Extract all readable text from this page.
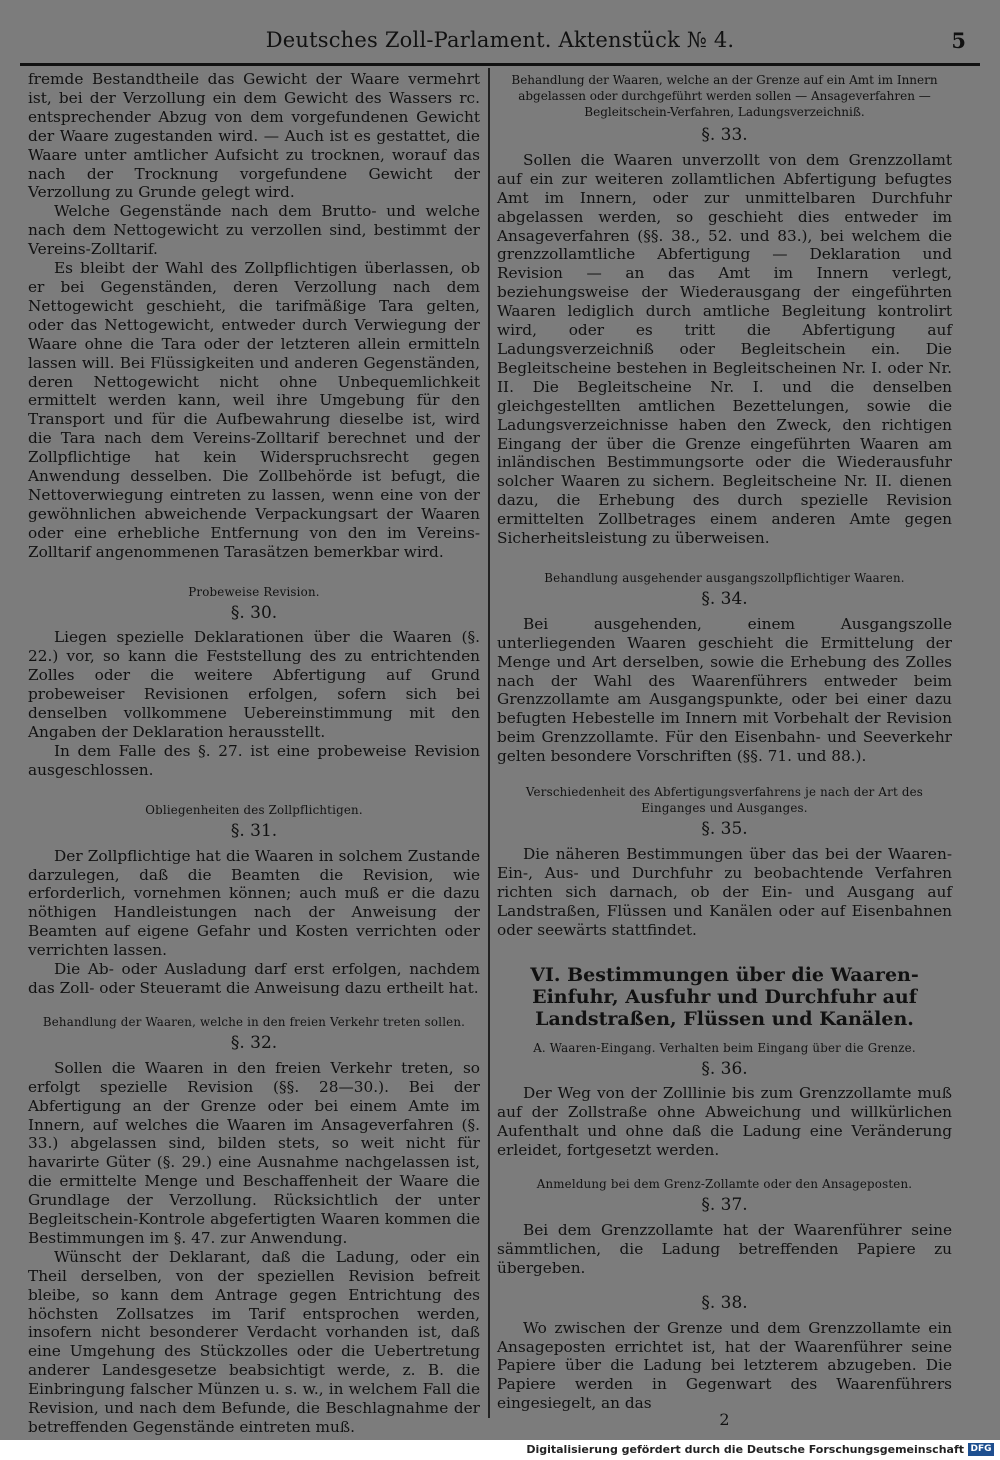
Deutsches Zoll-Parlament. Aktenstück № 4.	5

fremde Bestandtheile das Gewicht der Waare vermehrt ist, bei der Verzollung ein dem Gewicht des Wassers rc. entsprechender Abzug von dem vorgefundenen Gewicht der Waare zugestanden wird. — Auch ist es gestattet, die Waare unter amtlicher Aufsicht zu trocknen, worauf das nach der Trocknung vorgefundene Gewicht der Verzollung zu Grunde gelegt wird.

Welche Gegenstände nach dem Brutto- und welche nach dem Nettogewicht zu verzollen sind, bestimmt der Vereins-Zolltarif.

Es bleibt der Wahl des Zollpflichtigen überlassen, ob er bei Gegenständen, deren Verzollung nach dem Nettogewicht geschieht, die tarifmäßige Tara gelten, oder das Nettogewicht, entweder durch Verwiegung der Waare ohne die Tara oder der letzteren allein ermitteln lassen will. Bei Flüssigkeiten und anderen Gegenständen, deren Nettogewicht nicht ohne Unbequemlichkeit ermittelt werden kann, weil ihre Umgebung für den Transport und für die Aufbewahrung dieselbe ist, wird die Tara nach dem Vereins-Zolltarif berechnet und der Zollpflichtige hat kein Widerspruchsrecht gegen Anwendung desselben. Die Zollbehörde ist befugt, die Nettoverwiegung eintreten zu lassen, wenn eine von der gewöhnlichen abweichende Verpackungsart der Waaren oder eine erhebliche Entfernung von den im Vereins-Zolltarif angenommenen Tarasätzen bemerkbar wird.

Probeweise Revision.
§. 30.

Liegen spezielle Deklarationen über die Waaren (§. 22.) vor, so kann die Feststellung des zu entrichtenden Zolles oder die weitere Abfertigung auf Grund probeweiser Revisionen erfolgen, sofern sich bei denselben vollkommene Uebereinstimmung mit den Angaben der Deklaration herausstellt.

In dem Falle des §. 27. ist eine probeweise Revision ausgeschlossen.

Obliegenheiten des Zollpflichtigen.
§. 31.

Der Zollpflichtige hat die Waaren in solchem Zustande darzulegen, daß die Beamten die Revision, wie erforderlich, vornehmen können; auch muß er die dazu nöthigen Handleistungen nach der Anweisung der Beamten auf eigene Gefahr und Kosten verrichten oder verrichten lassen.

Die Ab- oder Ausladung darf erst erfolgen, nachdem das Zoll- oder Steueramt die Anweisung dazu ertheilt hat.

Behandlung der Waaren, welche in den freien Verkehr treten sollen.
§. 32.

Sollen die Waaren in den freien Verkehr treten, so erfolgt spezielle Revision (§§. 28—30.). Bei der Abfertigung an der Grenze oder bei einem Amte im Innern, auf welches die Waaren im Ansageverfahren (§. 33.) abgelassen sind, bilden stets, so weit nicht für havarirte Güter (§. 29.) eine Ausnahme nachgelassen ist, die ermittelte Menge und Beschaffenheit der Waare die Grundlage der Verzollung. Rücksichtlich der unter Begleitschein-Kontrole abgefertigten Waaren kommen die Bestimmungen im §. 47. zur Anwendung.

Wünscht der Deklarant, daß die Ladung, oder ein Theil derselben, von der speziellen Revision befreit bleibe, so kann dem Antrage gegen Entrichtung des höchsten Zollsatzes im Tarif entsprochen werden, insofern nicht besonderer Verdacht vorhanden ist, daß eine Umgehung des Stückzolles oder die Uebertretung anderer Landesgesetze beabsichtigt werde, z. B. die Einbringung falscher Münzen u. s. w., in welchem Fall die Revision, und nach dem Befunde, die Beschlagnahme der betreffenden Gegenstände eintreten muß.

Behandlung der Waaren, welche an der Grenze auf ein Amt im Innern abgelassen oder durchgeführt werden sollen — Ansageverfahren — Begleitschein-Verfahren, Ladungsverzeichniß.
§. 33.

Sollen die Waaren unverzollt von dem Grenzzollamt auf ein zur weiteren zollamtlichen Abfertigung befugtes Amt im Innern, oder zur unmittelbaren Durchfuhr abgelassen werden, so geschieht dies entweder im Ansageverfahren (§§. 38., 52. und 83.), bei welchem die grenzzollamtliche Abfertigung — Deklaration und Revision — an das Amt im Innern verlegt, beziehungsweise der Wiederausgang der eingeführten Waaren lediglich durch amtliche Begleitung kontrolirt wird, oder es tritt die Abfertigung auf Ladungsverzeichniß oder Begleitschein ein. Die Begleitscheine bestehen in Begleitscheinen Nr. I. oder Nr. II. Die Begleitscheine Nr. I. und die denselben gleichgestellten amtlichen Bezettelungen, sowie die Ladungsverzeichnisse haben den Zweck, den richtigen Eingang der über die Grenze eingeführten Waaren am inländischen Bestimmungsorte oder die Wiederausfuhr solcher Waaren zu sichern. Begleitscheine Nr. II. dienen dazu, die Erhebung des durch spezielle Revision ermittelten Zollbetrages einem anderen Amte gegen Sicherheitsleistung zu überweisen.

Behandlung ausgehender ausgangszollpflichtiger Waaren.
§. 34.

Bei ausgehenden, einem Ausgangszolle unterliegenden Waaren geschieht die Ermittelung der Menge und Art derselben, sowie die Erhebung des Zolles nach der Wahl des Waarenführers entweder beim Grenzzollamte am Ausgangspunkte, oder bei einer dazu befugten Hebestelle im Innern mit Vorbehalt der Revision beim Grenzzollamte. Für den Eisenbahn- und Seeverkehr gelten besondere Vorschriften (§§. 71. und 88.).

Verschiedenheit des Abfertigungsverfahrens je nach der Art des Einganges und Ausganges.
§. 35.

Die näheren Bestimmungen über das bei der Waaren-Ein-, Aus- und Durchfuhr zu beobachtende Verfahren richten sich darnach, ob der Ein- und Ausgang auf Landstraßen, Flüssen und Kanälen oder auf Eisenbahnen oder seewärts stattfindet.

VI. Bestimmungen über die Waaren-Einfuhr, Ausfuhr und Durchfuhr auf Landstraßen, Flüssen und Kanälen.
A. Waaren-Eingang. Verhalten beim Eingang über die Grenze.
§. 36.

Der Weg von der Zolllinie bis zum Grenzzollamte muß auf der Zollstraße ohne Abweichung und willkürlichen Aufenthalt und ohne daß die Ladung eine Veränderung erleidet, fortgesetzt werden.

Anmeldung bei dem Grenz-Zollamte oder den Ansageposten.
§. 37.

Bei dem Grenzzollamte hat der Waarenführer seine sämmtlichen, die Ladung betreffenden Papiere zu übergeben.

§. 38.

Wo zwischen der Grenze und dem Grenzzollamte ein Ansageposten errichtet ist, hat der Waarenführer seine Papiere über die Ladung bei letzterem abzugeben. Die Papiere werden in Gegenwart des Waarenführers eingesiegelt, an das

2
Digitalisierung gefördert durch die Deutsche Forschungsgemeinschaft DFG
